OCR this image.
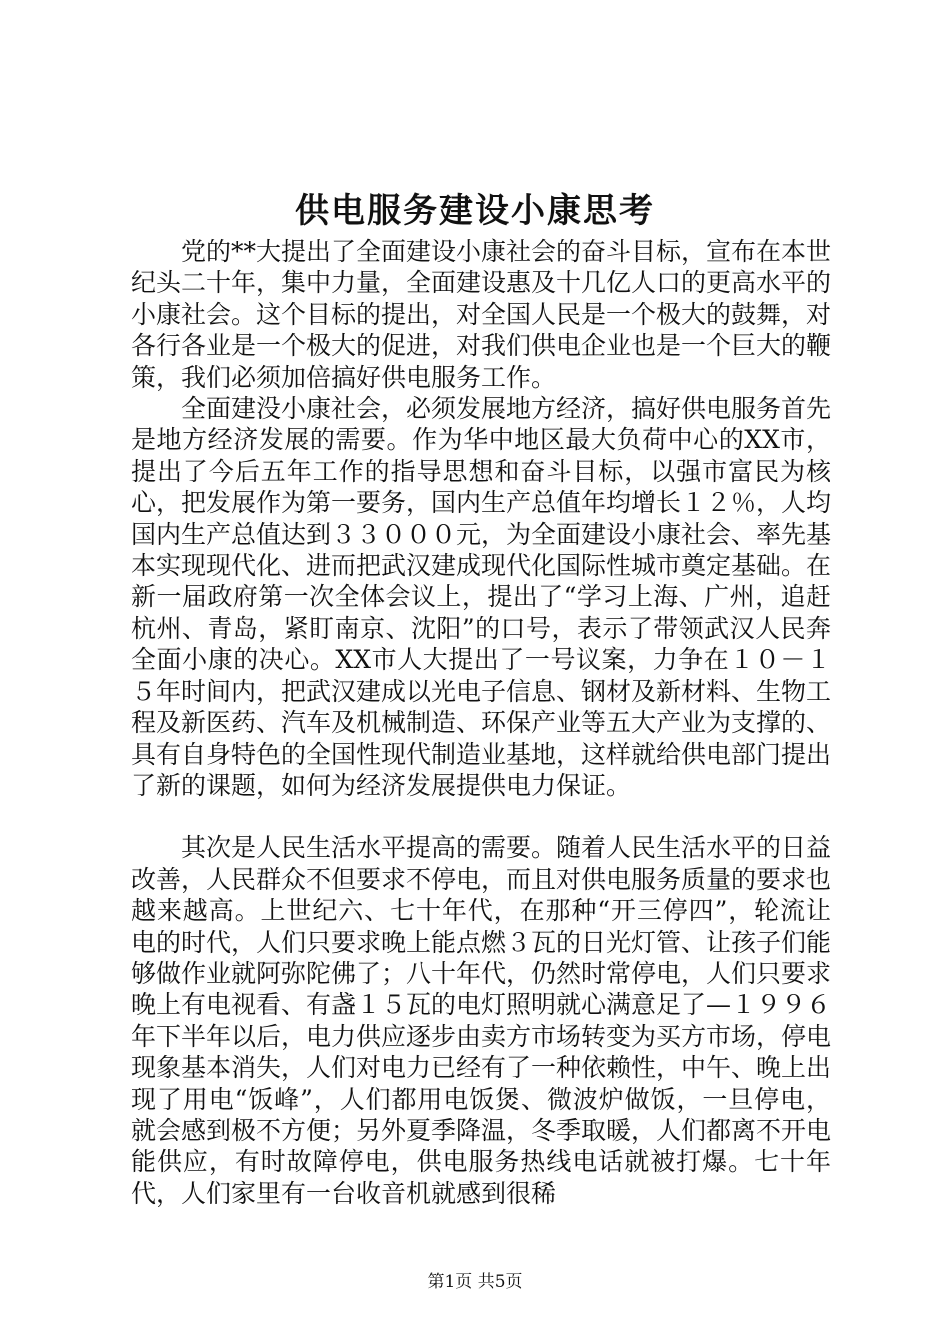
供电服务建设小康思考

党的**大提出了全面建设小康社会的奋斗目标，宣布在本世纪头二十年，集中力量，全面建设惠及十几亿人口的更高水平的小康社会。这个目标的提出，对全国人民是一个极大的鼓舞，对各行各业是一个极大的促进，对我们供电企业也是一个巨大的鞭策，我们必须加倍搞好供电服务工作。

全面建没小康社会，必须发展地方经济，搞好供电服务首先是地方经济发展的需要。作为华中地区最大负荷中心的XX市，提出了今后五年工作的指导思想和奋斗目标，以强市富民为核心，把发展作为第一要务，国内生产总值年均增长１２％，人均国内生产总值达到３３０００元，为全面建设小康社会、率先基本实现现代化、进而把武汉建成现代化国际性城市奠定基础。在新一届政府第一次全体会议上，提出了“学习上海、广州，追赶杭州、青岛，紧盯南京、沈阳”的口号，表示了带领武汉人民奔全面小康的决心。XX市人大提出了一号议案，力争在１０－１５年时间内，把武汉建成以光电子信息、钢材及新材料、生物工程及新医药、汽车及机械制造、环保产业等五大产业为支撑的、具有自身特色的全国性现代制造业基地，这样就给供电部门提出了新的课题，如何为经济发展提供电力保证。

其次是人民生活水平提高的需要。随着人民生活水平的日益改善，人民群众不但要求不停电，而且对供电服务质量的要求也越来越高。上世纪六、七十年代，在那种“开三停四”，轮流让电的时代，人们只要求晚上能点燃３瓦的日光灯管、让孩子们能够做作业就阿弥陀佛了；八十年代，仍然时常停电，人们只要求晚上有电视看、有盏１５瓦的电灯照明就心满意足了—１９９６年下半年以后，电力供应逐步由卖方市场转变为买方市场，停电现象基本消失，人们对电力已经有了一种依赖性，中午、晚上出现了用电“饭峰”，人们都用电饭煲、微波炉做饭，一旦停电，就会感到极不方便；另外夏季降温，冬季取暖，人们都离不开电能供应，有时故障停电，供电服务热线电话就被打爆。七十年代，人们家里有一台收音机就感到很稀

第1页 共5页
